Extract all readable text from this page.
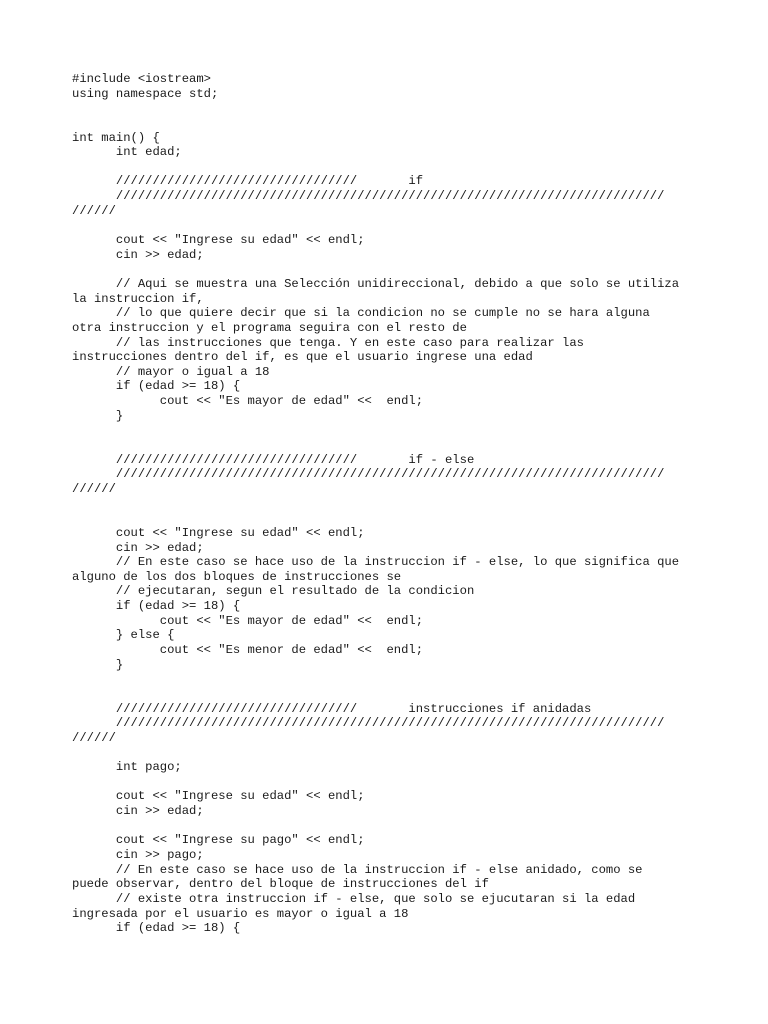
#include <iostream>
using namespace std;
int main() {
int edad;
/////////////////////////////////       if
///////////////////////////////////////////////////////////////////////////
//////
cout << "Ingrese su edad" << endl;
cin >> edad;
// Aqui se muestra una Selección unidireccional, debido a que solo se utiliza
la instruccion if,
// lo que quiere decir que si la condicion no se cumple no se hara alguna
otra instruccion y el programa seguira con el resto de
// las instrucciones que tenga. Y en este caso para realizar las
instrucciones dentro del if, es que el usuario ingrese una edad
// mayor o igual a 18
if (edad >= 18) {
cout << "Es mayor de edad" <<  endl;
}
/////////////////////////////////       if - else
///////////////////////////////////////////////////////////////////////////
//////
cout << "Ingrese su edad" << endl;
cin >> edad;
// En este caso se hace uso de la instruccion if - else, lo que significa que
alguno de los dos bloques de instrucciones se
// ejecutaran, segun el resultado de la condicion
if (edad >= 18) {
cout << "Es mayor de edad" <<  endl;
} else {
cout << "Es menor de edad" <<  endl;
}
/////////////////////////////////       instrucciones if anidadas
///////////////////////////////////////////////////////////////////////////
//////
int pago;
cout << "Ingrese su edad" << endl;
cin >> edad;
cout << "Ingrese su pago" << endl;
cin >> pago;
// En este caso se hace uso de la instruccion if - else anidado, como se
puede observar, dentro del bloque de instrucciones del if
// existe otra instruccion if - else, que solo se ejucutaran si la edad
ingresada por el usuario es mayor o igual a 18
if (edad >= 18) {
